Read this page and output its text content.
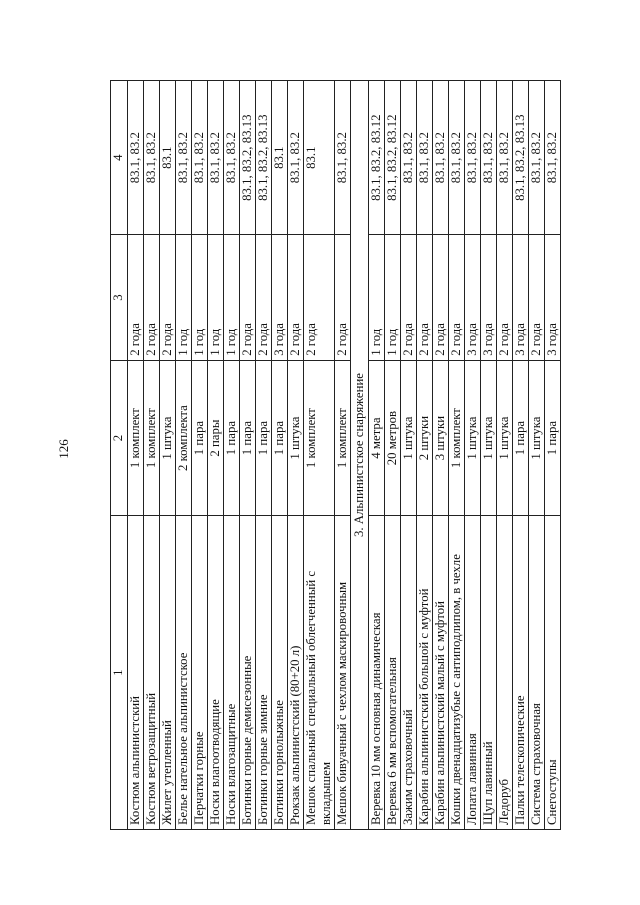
126
1	2	3	4
Костюм альпинистский	1 комплект	2 года	83.1, 83.2
Костюм ветрозащитный	1 комплект	2 года	83.1, 83.2
Жилет утепленный	1 штука	2 года	83.1
Белье нательное альпинистское	2 комплекта	1 год	83.1, 83.2
Перчатки горные	1 пара	1 год	83.1, 83.2
Носки влагоотводящие	2 пары	1 год	83.1, 83.2
Носки влагозащитные	1 пара	1 год	83.1, 83.2
Ботинки горные демисезонные	1 пара	2 года	83.1, 83.2, 83.13
Ботинки горные зимние	1 пара	2 года	83.1, 83.2, 83.13
Ботинки горнолыжные	1 пара	3 года	83.1
Рюкзак альпинистский (80+20 л)	1 штука	2 года	83.1, 83.2
Мешок спальный специальный облегченный с вкладышем	1 комплект	2 года	83.1
Мешок бивуачный с чехлом маскировочным	1 комплект	2 года	83.1, 83.2
3. Альпинистское снаряжение			
Веревка 10 мм основная динамическая	4 метра	1 год	83.1, 83.2, 83.12
Веревка 6 мм вспомогательная	20 метров	1 год	83.1, 83.2, 83.12
Зажим страховочный	1 штука	2 года	83.1, 83.2
Карабин альпинистский большой с муфтой	2 штуки	2 года	83.1, 83.2
Карабин альпинистский малый с муфтой	3 штуки	2 года	83.1, 83.2
Кошки двенадцатизубые с антиподлипом, в чехле	1 комплект	2 года	83.1, 83.2
Лопата лавинная	1 штука	3 года	83.1, 83.2
Щуп лавинный	1 штука	3 года	83.1, 83.2
Ледоруб	1 штука	2 года	83.1, 83.2
Палки телескопические	1 пара	3 года	83.1, 83.2, 83.13
Система страховочная	1 штука	2 года	83.1, 83.2
Снегоступы	1 пара	3 года	83.1, 83.2
